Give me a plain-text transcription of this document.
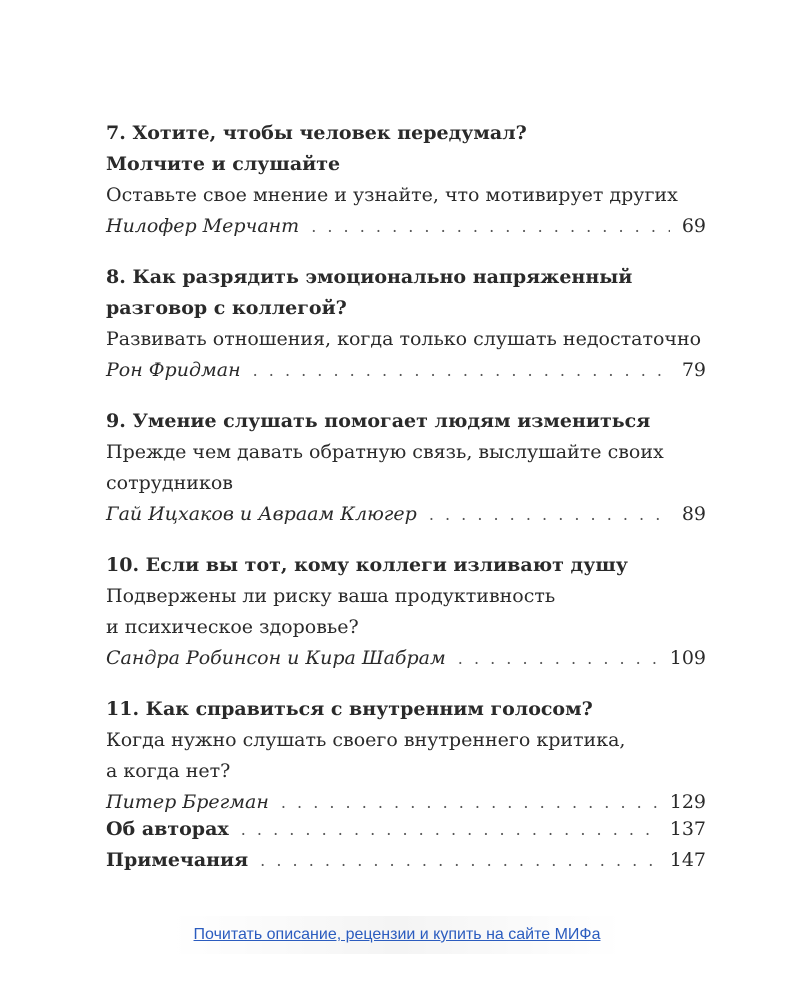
7. Хотите, чтобы человек передумал?
Молчите и слушайте
Оставьте свое мнение и узнайте, что мотивирует других
Нилофер Мерчант . . .	69
8. Как разрядить эмоционально напряженный
разговор с коллегой?
Развивать отношения, когда только слушать недостаточно
Рон Фридман . . .	79
9. Умение слушать помогает людям измениться
Прежде чем давать обратную связь, выслушайте своих
сотрудников
Гай Ицхаков и Авраам Клюгер . . .	89
10. Если вы тот, кому коллеги изливают душу
Подвержены ли риску ваша продуктивность
и психическое здоровье?
Сандра Робинсон и Кира Шабрам . . .	109
11. Как справиться с внутренним голосом?
Когда нужно слушать своего внутреннего критика,
а когда нет?
Питер Брегман . . .	129
Об авторах . . .	137
Примечания . . .	147
Почитать описание, рецензии и купить на сайте МИФа
